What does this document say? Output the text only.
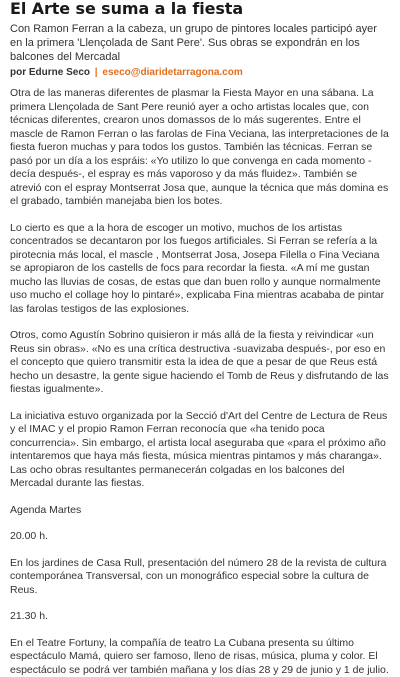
El Arte se suma a la fiesta

Con Ramon Ferran a la cabeza, un grupo de pintores locales participó ayer en la primera 'Llençolada de Sant Pere'. Sus obras se expondrán en los balcones del Mercadal

por Edurne Seco | eseco@diaridetarragona.com

Otra de las maneras diferentes de plasmar la Fiesta Mayor en una sábana. La primera Llençolada de Sant Pere reunió ayer a ocho artistas locales que, con técnicas diferentes, crearon unos domassos de lo más sugerentes. Entre el mascle de Ramon Ferran o las farolas de Fina Veciana, las interpretaciones de la fiesta fueron muchas y para todos los gustos. También las técnicas. Ferran se pasó por un día a los espráis: «Yo utilizo lo que convenga en cada momento -decía después-, el espray es más vaporoso y da más fluidez». También se atrevió con el espray Montserrat Josa que, aunque la técnica que más domina es el grabado, también manejaba bien los botes.

Lo cierto es que a la hora de escoger un motivo, muchos de los artistas concentrados se decantaron por los fuegos artificiales. Si Ferran se refería a la pirotecnia más local, el mascle , Montserrat Josa, Josepa Filella o Fina Veciana se apropiaron de los castells de focs para recordar la fiesta. «A mí me gustan mucho las lluvias de cosas, de estas que dan buen rollo y aunque normalmente uso mucho el collage hoy lo pintaré», explicaba Fina mientras acababa de pintar las farolas testigos de las explosiones.

Otros, como Agustín Sobrino quisieron ir más allá de la fiesta y reivindicar «un Reus sin obras». «No es una crítica destructiva -suavizaba después-, por eso en el concepto que quiero transmitir esta la idea de que a pesar de que Reus está hecho un desastre, la gente sigue haciendo el Tomb de Reus y disfrutando de las fiestas igualmente».

La iniciativa estuvo organizada por la Secció d'Art del Centre de Lectura de Reus y el IMAC y el propio Ramon Ferran reconocía que «ha tenido poca concurrencia». Sin embargo, el artista local aseguraba que «para el próximo año intentaremos que haya más fiesta, música mientras pintamos y más charanga». Las ocho obras resultantes permanecerán colgadas en los balcones del Mercadal durante las fiestas.

Agenda Martes

20.00 h.

En los jardines de Casa Rull, presentación del número 28 de la revista de cultura contemporánea Transversal, con un monográfico especial sobre la cultura de Reus.

21.30 h.

En el Teatre Fortuny, la compañía de teatro La Cubana presenta su último espectáculo Mamá, quiero ser famoso, lleno de risas, música, pluma y color. El espectáculo se podrá ver también mañana y los días 28 y 29 de junio y 1 de julio.
